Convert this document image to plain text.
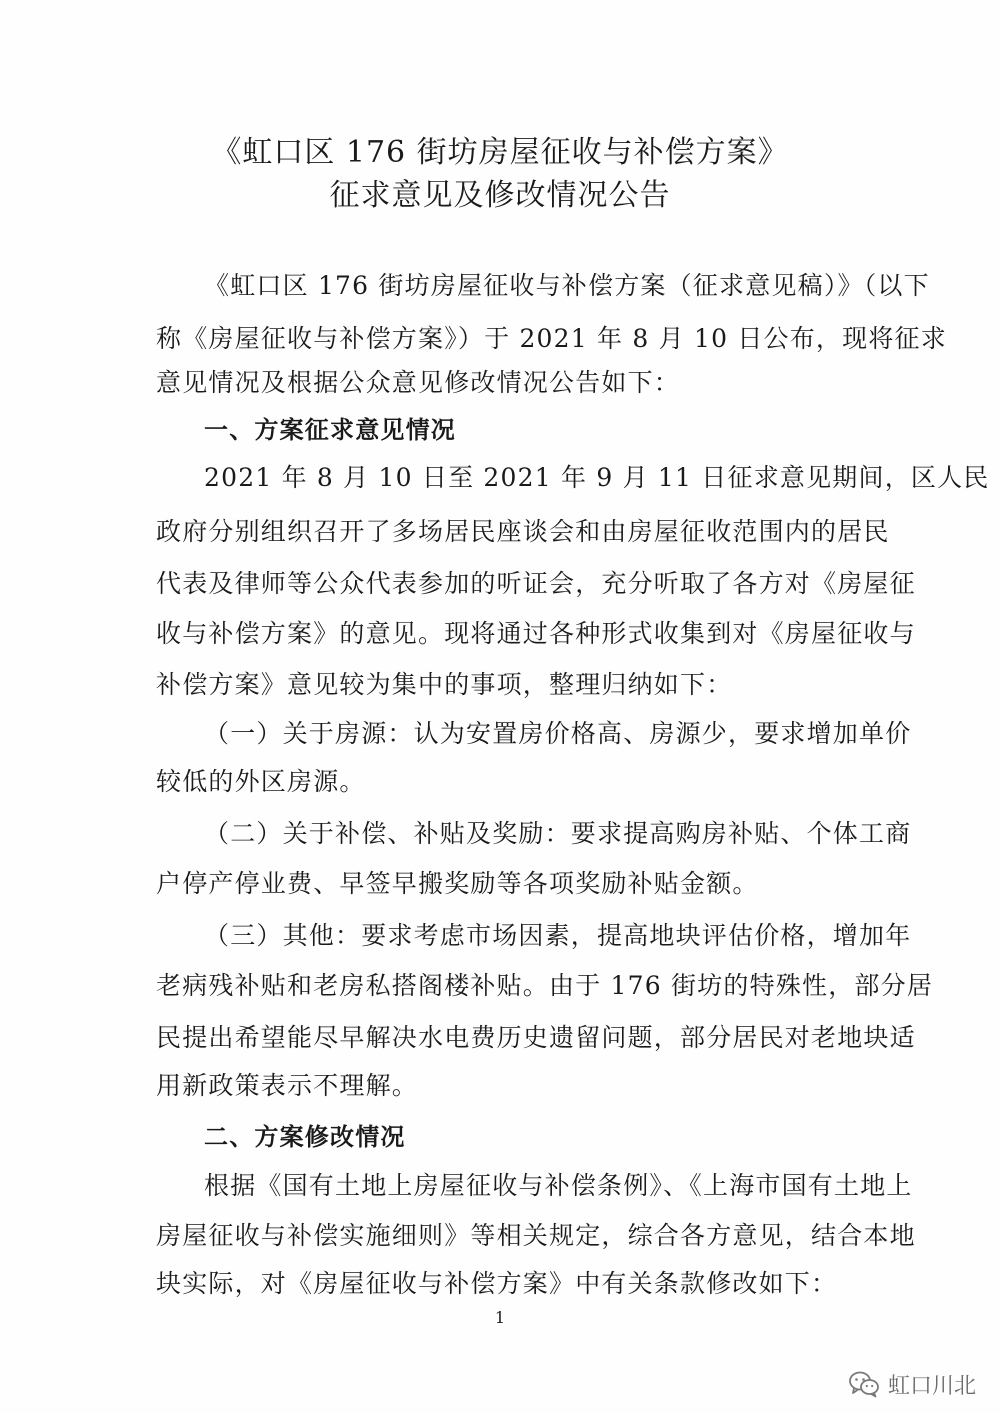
《虹口区 176 街坊房屋征收与补偿方案》
征求意见及修改情况公告
《虹口区 176 街坊房屋征收与补偿方案（征求意见稿）》（以下
称《房屋征收与补偿方案》）于 2021 年 8 月 10 日公布，现将征求
意见情况及根据公众意见修改情况公告如下：
一、方案征求意见情况
2021 年 8 月 10 日至 2021 年 9 月 11 日征求意见期间，区人民
政府分别组织召开了多场居民座谈会和由房屋征收范围内的居民
代表及律师等公众代表参加的听证会，充分听取了各方对《房屋征
收与补偿方案》的意见。现将通过各种形式收集到对《房屋征收与
补偿方案》意见较为集中的事项，整理归纳如下：
（一）关于房源：认为安置房价格高、房源少，要求增加单价
较低的外区房源。
（二）关于补偿、补贴及奖励：要求提高购房补贴、个体工商
户停产停业费、早签早搬奖励等各项奖励补贴金额。
（三）其他：要求考虑市场因素，提高地块评估价格，增加年
老病残补贴和老房私搭阁楼补贴。由于 176 街坊的特殊性，部分居
民提出希望能尽早解决水电费历史遗留问题，部分居民对老地块适
用新政策表示不理解。
二、方案修改情况
根据《国有土地上房屋征收与补偿条例》、《上海市国有土地上
房屋征收与补偿实施细则》等相关规定，综合各方意见，结合本地
块实际，对《房屋征收与补偿方案》中有关条款修改如下：
1
虹口川北
